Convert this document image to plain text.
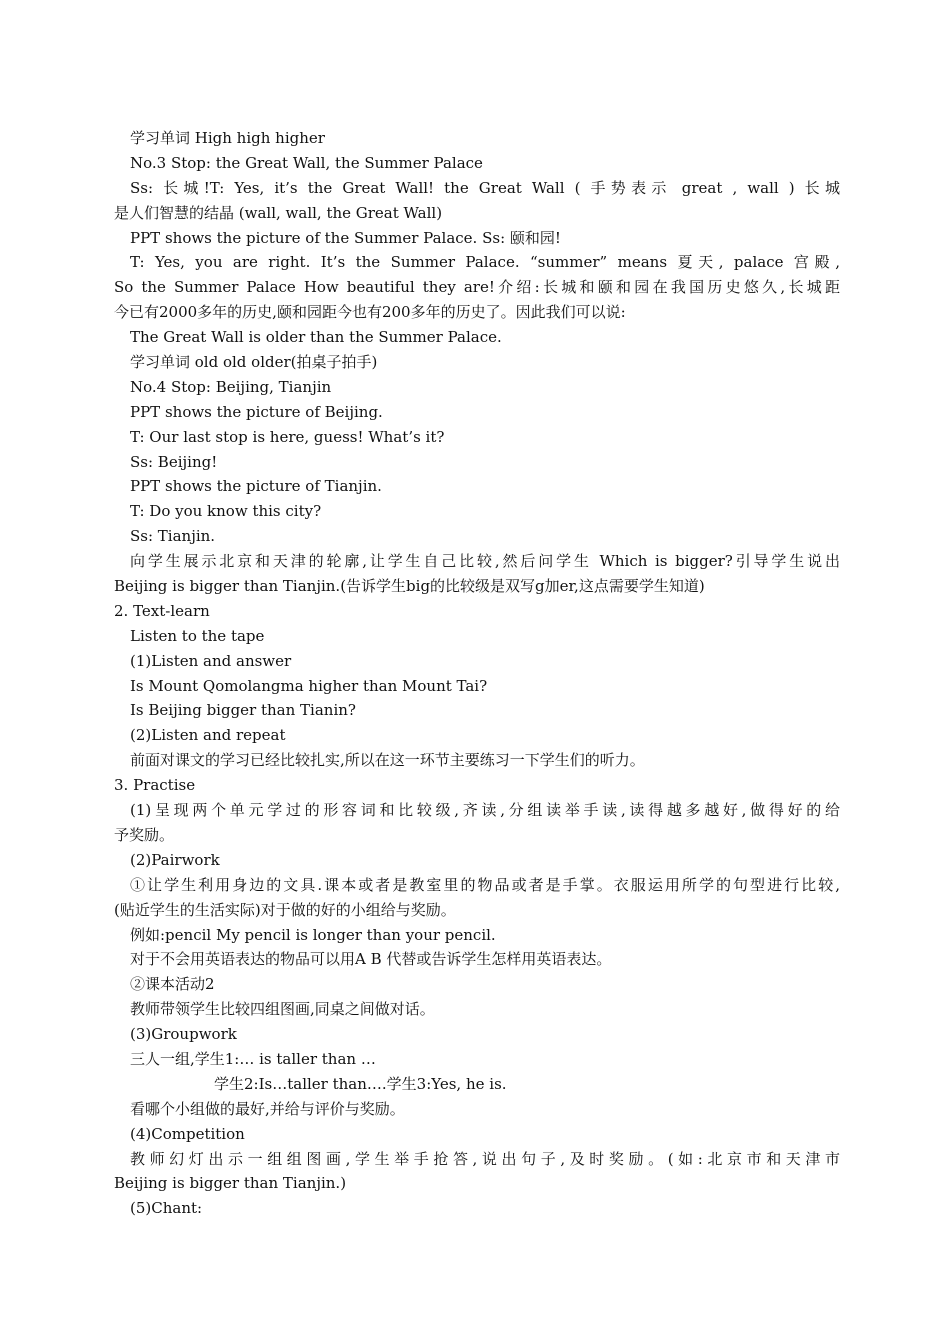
学习单词 High high higher
No.3 Stop: the Great Wall, the Summer Palace
Ss: 长城!T: Yes, it’s the Great Wall! the Great Wall ( 手势表示 great , wall ) 长城
是人们智慧的结晶 (wall, wall, the Great Wall)
PPT shows the picture of the Summer Palace. Ss: 颐和园!
T: Yes, you are right. It’s the Summer Palace. “summer” means 夏天, palace 宫殿,
So the Summer Palace How beautiful they are!介绍:长城和颐和园在我国历史悠久,长城距
今已有2000多年的历史,颐和园距今也有200多年的历史了。因此我们可以说:
The Great Wall is older than the Summer Palace.
学习单词 old old older(拍桌子拍手)
No.4 Stop: Beijing, Tianjin
PPT shows the picture of Beijing.
T: Our last stop is here, guess! What’s it?
Ss: Beijing!
PPT shows the picture of Tianjin.
T: Do you know this city?
Ss: Tianjin.
向学生展示北京和天津的轮廓,让学生自己比较,然后问学生 Which is bigger?引导学生说出
Beijing is bigger than Tianjin.(告诉学生big的比较级是双写g加er,这点需要学生知道)
2. Text-learn
Listen to the tape
(1)Listen and answer
Is Mount Qomolangma higher than Mount Tai?
Is Beijing bigger than Tianin?
(2)Listen and repeat
前面对课文的学习已经比较扎实,所以在这一环节主要练习一下学生们的听力。
3. Practise
(1)呈现两个单元学过的形容词和比较级,齐读,分组读举手读,读得越多越好,做得好的给
予奖励。
(2)Pairwork
①让学生利用身边的文具.课本或者是教室里的物品或者是手掌。衣服运用所学的句型进行比较,
(贴近学生的生活实际)对于做的好的小组给与奖励。
例如:pencil My pencil is longer than your pencil.
对于不会用英语表达的物品可以用A B 代替或告诉学生怎样用英语表达。
②课本活动2
教师带领学生比较四组图画,同桌之间做对话。
(3)Groupwork
三人一组,学生1:… is taller than …
学生2:Is…taller than….学生3:Yes, he is.
看哪个小组做的最好,并给与评价与奖励。
(4)Competition
教师幻灯出示一组组图画,学生举手抢答,说出句子,及时奖励。(如:北京市和天津市
Beijing is bigger than Tianjin.)
(5)Chant:
